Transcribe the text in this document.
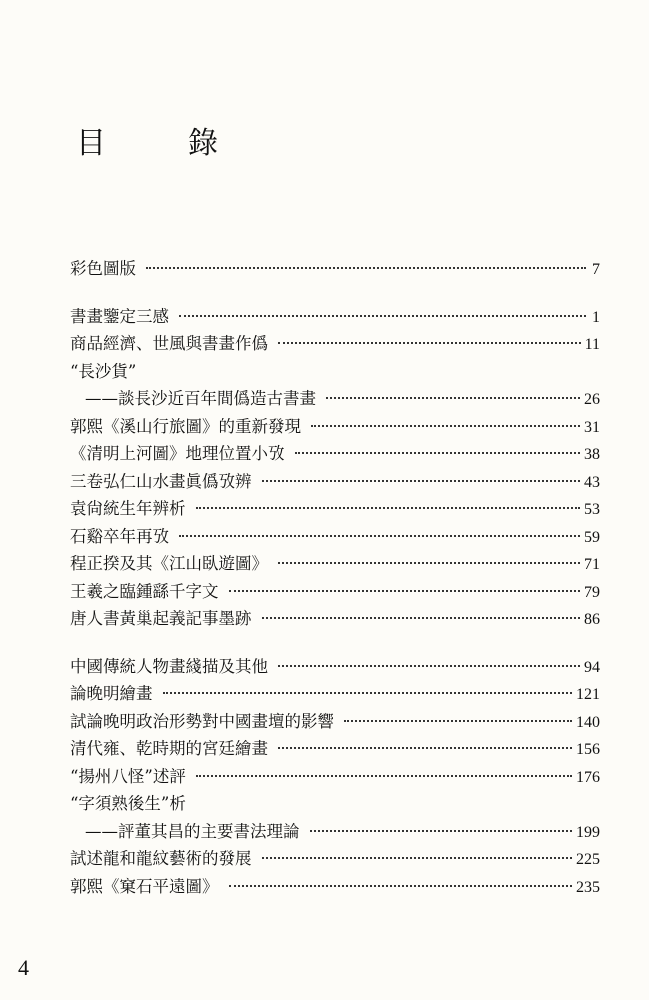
目　錄
彩色圖版	7
書畫鑒定三感	1
商品經濟、世風與書畫作僞	11
“長沙貨”
——談長沙近百年間僞造古書畫	26
郭熙《溪山行旅圖》的重新發現	31
《清明上河圖》地理位置小攷	38
三卷弘仁山水畫眞僞攷辨	43
袁尙統生年辨析	53
石谿卒年再攷	59
程正揆及其《江山臥遊圖》	71
王羲之臨鍾繇千字文	79
唐人書黃巢起義記事墨跡	86
中國傳統人物畫綫描及其他	94
論晚明繪畫	121
試論晚明政治形勢對中國畫壇的影響	140
清代雍、乾時期的宮廷繪畫	156
“揚州八怪”述評	176
“字須熟後生”析
——評董其昌的主要書法理論	199
試述龍和龍紋藝術的發展	225
郭熙《窠石平遠圖》	235
4
